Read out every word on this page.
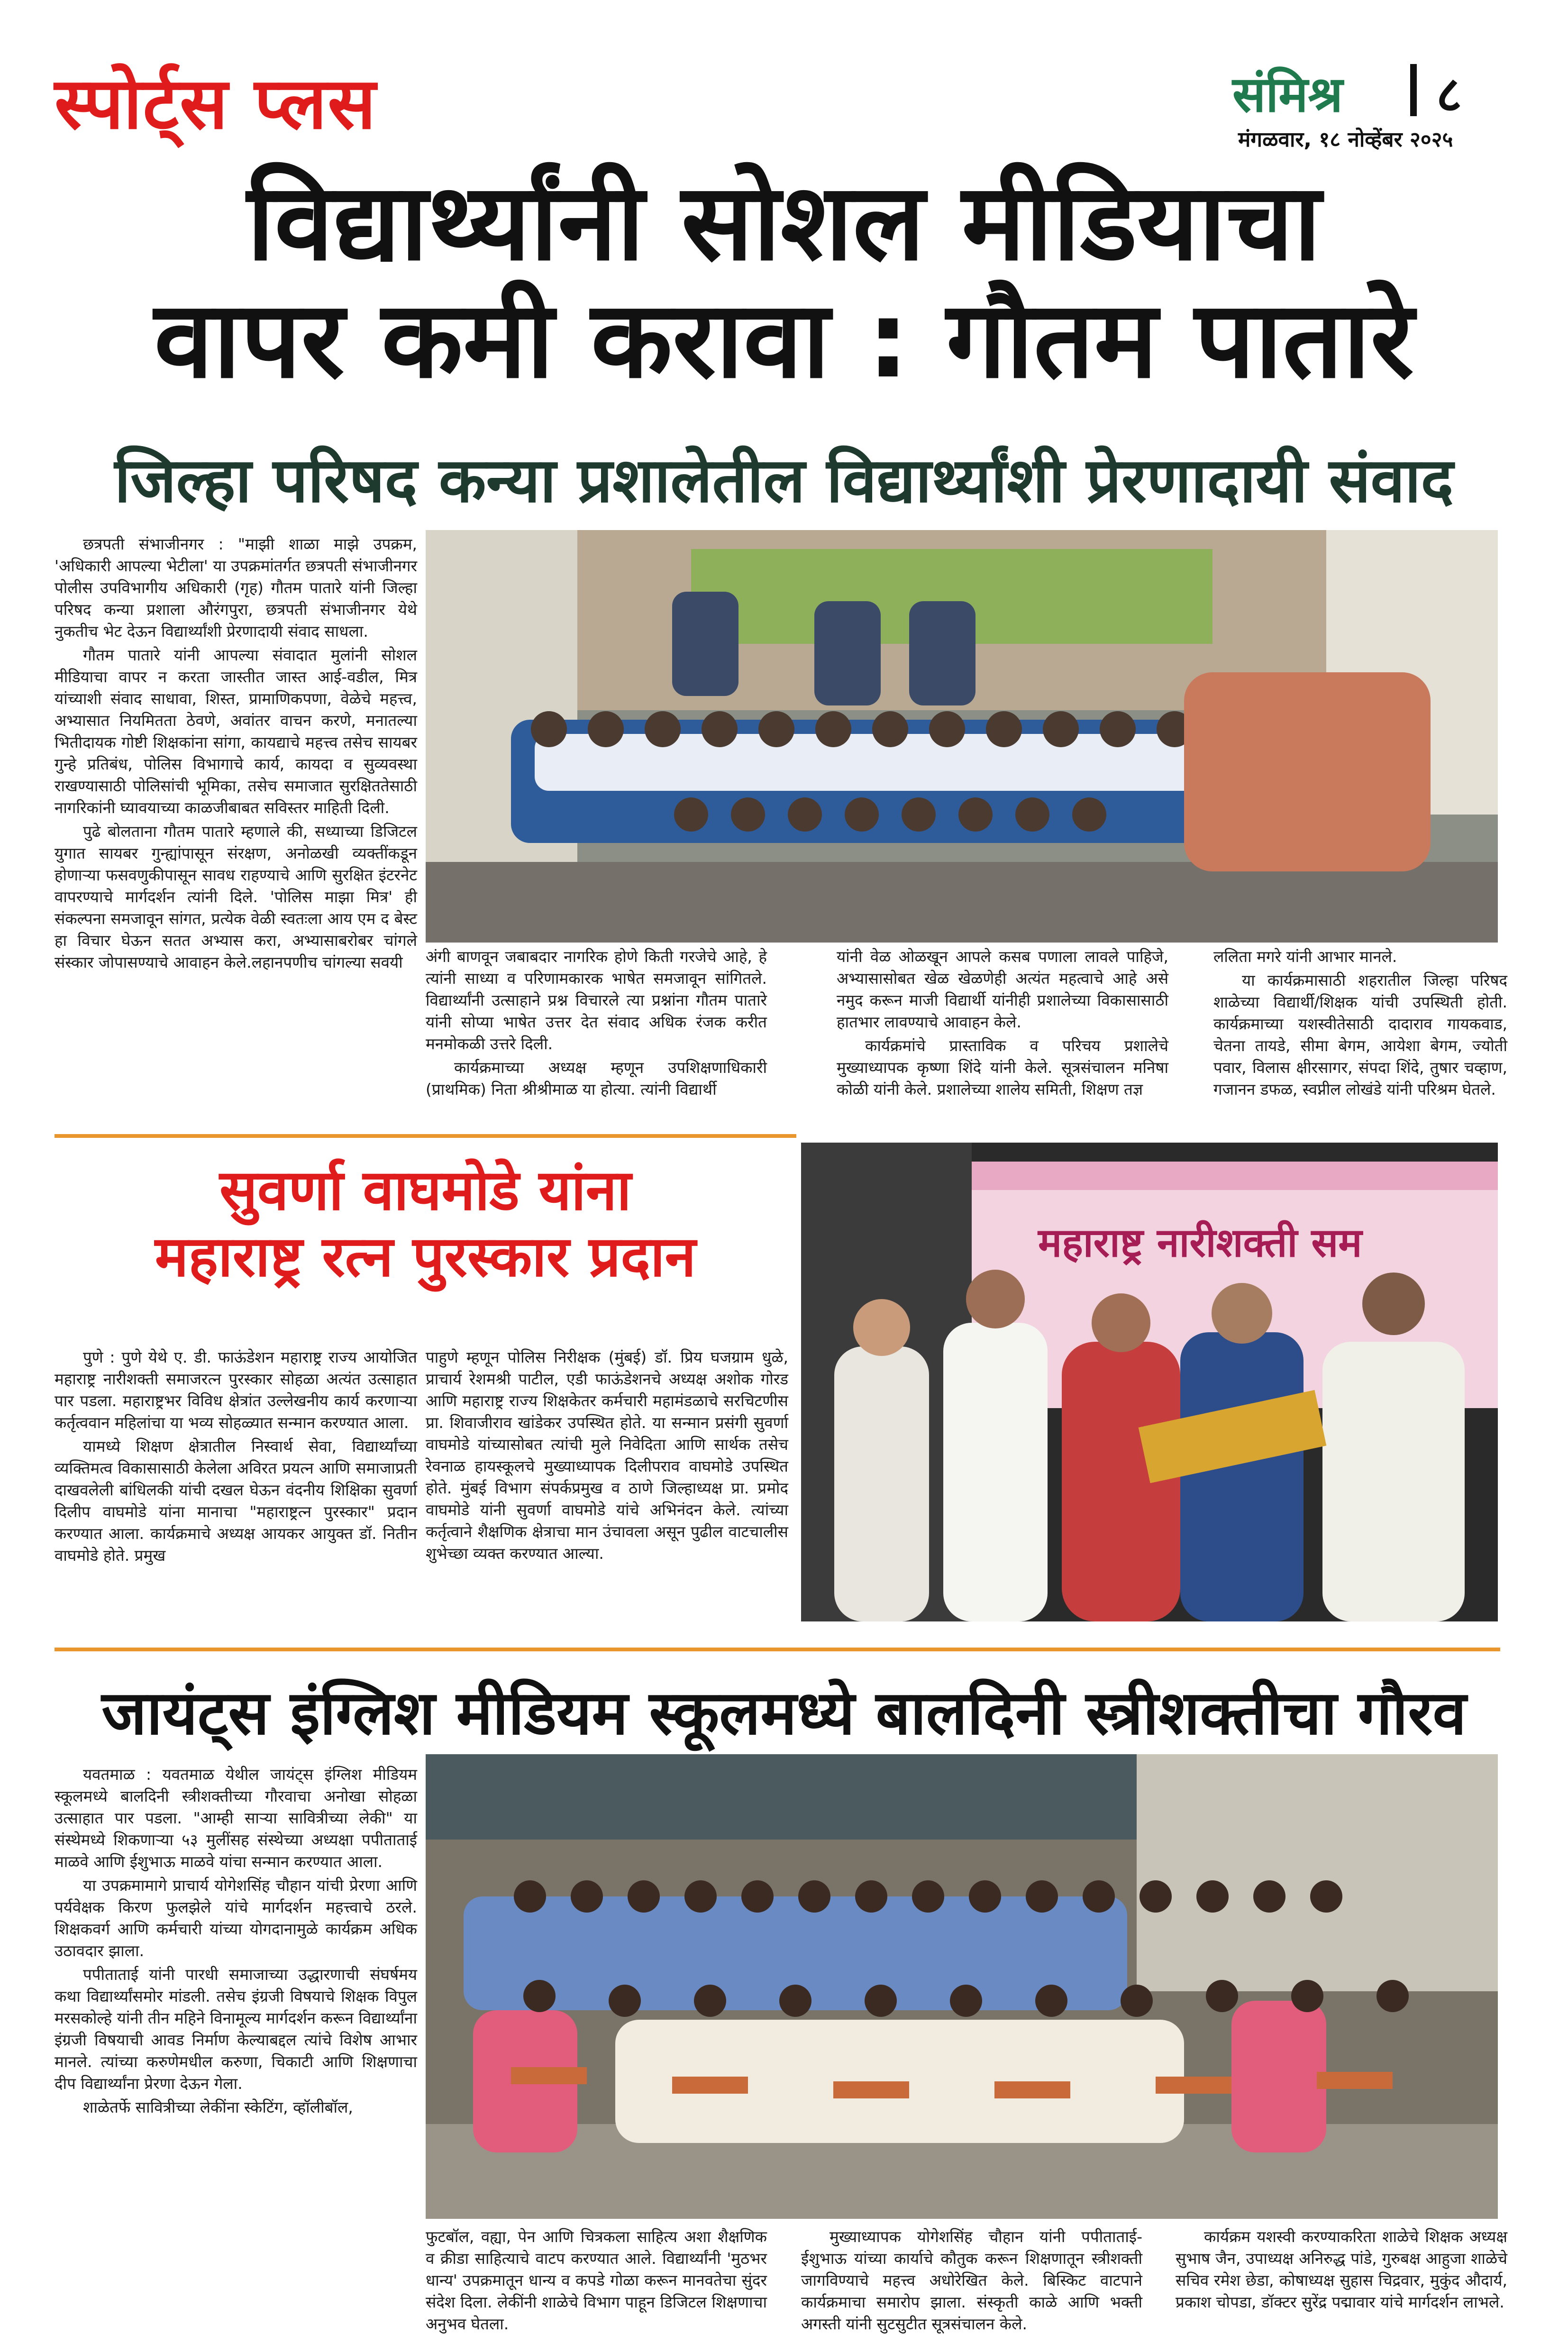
स्पोर्ट्स प्लस	संमिश्र ८
मंगळवार, १८ नोव्हेंबर २०२५
विद्यार्थ्यांनी सोशल मीडियाचा
वापर कमी करावा : गौतम पातारे
जिल्हा परिषद कन्या प्रशालेतील विद्यार्थ्यांशी प्रेरणादायी संवाद

छत्रपती संभाजीनगर : "माझी शाळा माझे उपक्रम, 'अधिकारी आपल्या भेटीला' या उपक्रमांतर्गत छत्रपती संभाजीनगर पोलीस उपविभागीय अधिकारी (गृह) गौतम पातारे यांनी जिल्हा परिषद कन्या प्रशाला औरंगपुरा, छत्रपती संभाजीनगर येथे नुकतीच भेट देऊन विद्यार्थ्यांशी प्रेरणादायी संवाद साधला.

गौतम पातारे यांनी आपल्या संवादात मुलांनी सोशल मीडियाचा वापर न करता जास्तीत जास्त आई-वडील, मित्र यांच्याशी संवाद साधावा, शिस्त, प्रामाणिकपणा, वेळेचे महत्त्व, अभ्यासात नियमितता ठेवणे, अवांतर वाचन करणे, मनातल्या भितीदायक गोष्टी शिक्षकांना सांगा, कायद्याचे महत्त्व तसेच सायबर गुन्हे प्रतिबंध, पोलिस विभागाचे कार्य, कायदा व सुव्यवस्था राखण्यासाठी पोलिसांची भूमिका, तसेच समाजात सुरक्षिततेसाठी नागरिकांनी घ्यावयाच्या काळजीबाबत सविस्तर माहिती दिली.

पुढे बोलताना गौतम पातारे म्हणाले की, सध्याच्या डिजिटल युगात सायबर गुन्ह्यांपासून संरक्षण, अनोळखी व्यक्तींकडून होणाऱ्या फसवणुकीपासून सावध राहण्याचे आणि सुरक्षित इंटरनेट वापरण्याचे मार्गदर्शन त्यांनी दिले. 'पोलिस माझा मित्र' ही संकल्पना समजावून सांगत, प्रत्येक वेळी स्वतःला आय एम द बेस्ट हा विचार घेऊन सतत अभ्यास करा, अभ्यासाबरोबर चांगले संस्कार जोपासण्याचे आवाहन केले.लहानपणीच चांगल्या सवयी	अंगी बाणवून जबाबदार नागरिक होणे किती गरजेचे आहे, हे त्यांनी साध्या व परिणामकारक भाषेत समजावून सांगितले. विद्यार्थ्यांनी उत्साहाने प्रश्न विचारले त्या प्रश्नांना गौतम पातारे यांनी सोप्या भाषेत उत्तर देत संवाद अधिक रंजक करीत मनमोकळी उत्तरे दिली.

कार्यक्रमाच्या अध्यक्ष म्हणून उपशिक्षणाधिकारी (प्राथमिक) निता श्रीश्रीमाळ या होत्या. त्यांनी विद्यार्थी

यांनी वेळ ओळखून आपले कसब पणाला लावले पाहिजे, अभ्यासासोबत खेळ खेळणेही अत्यंत महत्वाचे आहे असे नमुद करून माजी विद्यार्थी यांनीही प्रशालेच्या विकासासाठी हातभार लावण्याचे आवाहन केले.

कार्यक्रमांचे प्रास्ताविक व परिचय प्रशालेचे मुख्याध्यापक कृष्णा शिंदे यांनी केले. सूत्रसंचालन मनिषा कोळी यांनी केले. प्रशालेच्या शालेय समिती, शिक्षण तज्ञ

ललिता मगरे यांनी आभार मानले.

या कार्यक्रमासाठी शहरातील जिल्हा परिषद शाळेच्या विद्यार्थी/शिक्षक यांची उपस्थिती होती. कार्यक्रमाच्या यशस्वीतेसाठी दादाराव गायकवाड, चेतना तायडे, सीमा बेगम, आयेशा बेगम, ज्योती पवार, विलास क्षीरसागर, संपदा शिंदे, तुषार चव्हाण, गजानन डफळ, स्वप्नील लोखंडे यांनी परिश्रम घेतले.

सुवर्णा वाघमोडे यांना
महाराष्ट्र रत्न पुरस्कार प्रदान	महाराष्ट्र नारीशक्ती सम

पुणे : पुणे येथे ए. डी. फाऊंडेशन महाराष्ट्र राज्य आयोजित महाराष्ट्र नारीशक्ती समाजरत्न पुरस्कार सोहळा अत्यंत उत्साहात पार पडला. महाराष्ट्रभर विविध क्षेत्रांत उल्लेखनीय कार्य करणाऱ्या कर्तृत्ववान महिलांचा या भव्य सोहळ्यात सन्मान करण्यात आला.

यामध्ये शिक्षण क्षेत्रातील निस्वार्थ सेवा, विद्यार्थ्यांच्या व्यक्तिमत्व विकासासाठी केलेला अविरत प्रयत्न आणि समाजाप्रती दाखवलेली बांधिलकी यांची दखल घेऊन वंदनीय शिक्षिका सुवर्णा दिलीप वाघमोडे यांना मानाचा "महाराष्ट्रत्न पुरस्कार" प्रदान करण्यात आला. कार्यक्रमाचे अध्यक्ष आयकर आयुक्त डॉ. नितीन वाघमोडे होते. प्रमुख

पाहुणे म्हणून पोलिस निरीक्षक (मुंबई) डॉ. प्रिय घजग्राम धुळे, प्राचार्य रेशमश्री पाटील, एडी फाऊंडेशनचे अध्यक्ष अशोक गोरड आणि महाराष्ट्र राज्य शिक्षकेतर कर्मचारी महामंडळाचे सरचिटणीस प्रा. शिवाजीराव खांडेकर उपस्थित होते. या सन्मान प्रसंगी सुवर्णा वाघमोडे यांच्यासोबत त्यांची मुले निवेदिता आणि सार्थक तसेच रेवनाळ हायस्कूलचे मुख्याध्यापक दिलीपराव वाघमोडे उपस्थित होते. मुंबई विभाग संपर्कप्रमुख व ठाणे जिल्हाध्यक्ष प्रा. प्रमोद वाघमोडे यांनी सुवर्णा वाघमोडे यांचे अभिनंदन केले. त्यांच्या कर्तृत्वाने शैक्षणिक क्षेत्राचा मान उंचावला असून पुढील वाटचालीस शुभेच्छा व्यक्त करण्यात आल्या.

जायंट्स इंग्लिश मीडियम स्कूलमध्ये बालदिनी स्त्रीशक्तीचा गौरव

यवतमाळ : यवतमाळ येथील जायंट्स इंग्लिश मीडियम स्कूलमध्ये बालदिनी स्त्रीशक्तीच्या गौरवाचा अनोखा सोहळा उत्साहात पार पडला. "आम्ही साऱ्या सावित्रीच्या लेकी" या संस्थेमध्ये शिकणाऱ्या ५३ मुलींसह संस्थेच्या अध्यक्षा पपीताताई माळवे आणि ईशुभाऊ माळवे यांचा सन्मान करण्यात आला.

या उपक्रमामागे प्राचार्य योगेशसिंह चौहान यांची प्रेरणा आणि पर्यवेक्षक किरण फुलझेले यांचे मार्गदर्शन महत्त्वाचे ठरले. शिक्षकवर्ग आणि कर्मचारी यांच्या योगदानामुळे कार्यक्रम अधिक उठावदार झाला.

पपीताताई यांनी पारधी समाजाच्या उद्धारणाची संघर्षमय कथा विद्यार्थ्यांसमोर मांडली. तसेच इंग्रजी विषयाचे शिक्षक विपुल मरसकोल्हे यांनी तीन महिने विनामूल्य मार्गदर्शन करून विद्यार्थ्यांना इंग्रजी विषयाची आवड निर्माण केल्याबद्दल त्यांचे विशेष आभार मानले. त्यांच्या करुणेमधील करुणा, चिकाटी आणि शिक्षणाचा दीप विद्यार्थ्यांना प्रेरणा देऊन गेला.

शाळेतर्फे सावित्रीच्या लेकींना स्केटिंग, व्हॉलीबॉल,

फुटबॉल, वह्या, पेन आणि चित्रकला साहित्य अशा शैक्षणिक व क्रीडा साहित्याचे वाटप करण्यात आले. विद्यार्थ्यांनी 'मुठभर धान्य' उपक्रमातून धान्य व कपडे गोळा करून मानवतेचा सुंदर संदेश दिला. लेकींनी शाळेचे विभाग पाहून डिजिटल शिक्षणाचा अनुभव घेतला.

मुख्याध्यापक योगेशसिंह चौहान यांनी पपीताताई-ईशुभाऊ यांच्या कार्याचे कौतुक करून शिक्षणातून स्त्रीशक्ती जागविण्याचे महत्त्व अधोरेखित केले. बिस्किट वाटपाने कार्यक्रमाचा समारोप झाला. संस्कृती काळे आणि भक्ती अगस्ती यांनी सुटसुटीत सूत्रसंचालन केले.

कार्यक्रम यशस्वी करण्याकरिता शाळेचे शिक्षक अध्यक्ष सुभाष जैन, उपाध्यक्ष अनिरुद्ध पांडे, गुरुबक्ष आहुजा शाळेचे सचिव रमेश छेडा, कोषाध्यक्ष सुहास चिद्रवार, मुकुंद औदार्य, प्रकाश चोपडा, डॉक्टर सुरेंद्र पद्मावार यांचे मार्गदर्शन लाभले.
